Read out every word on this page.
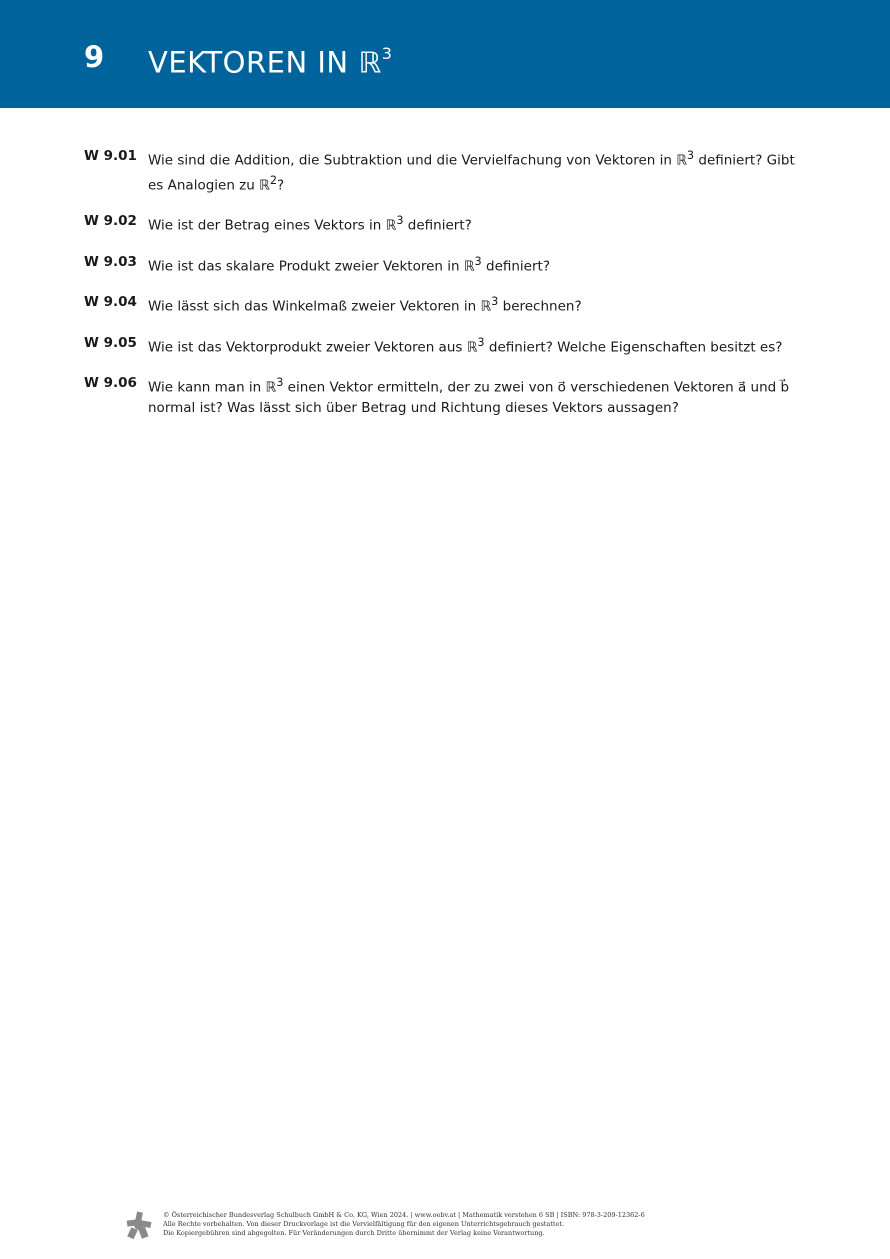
9 VEKTOREN IN ℝ$^3$
W 9.01 Wie sind die Addition, die Subtraktion und die Vervielfachung von Vektoren in ℝ$^3$ definiert? Gibt es Analogien zu ℝ$^2$?
W 9.02 Wie ist der Betrag eines Vektors in ℝ$^3$ definiert?
W 9.03 Wie ist das skalare Produkt zweier Vektoren in ℝ$^3$ definiert?
W 9.04 Wie lässt sich das Winkelmaß zweier Vektoren in ℝ$^3$ berechnen?
W 9.05 Wie ist das Vektorprodukt zweier Vektoren aus ℝ$^3$ definiert? Welche Eigenschaften besitzt es?
W 9.06 Wie kann man in ℝ$^3$ einen Vektor ermitteln, der zu zwei von o⃗ verschiedenen Vektoren a⃗ und b⃗ normal ist? Was lässt sich über Betrag und Richtung dieses Vektors aussagen?
© Österreichischer Bundesverlag Schulbuch GmbH & Co. KG, Wien 2024. | www.oebv.at | Mathematik verstehen 6 SB | ISBN: 978-3-209-12362-6
Alle Rechte vorbehalten. Von dieser Druckvorlage ist die Vervielfältigung für den eigenen Unterrichtsgebrauch gestattet.
Die Kopiergebühren sind abgegolten. Für Veränderungen durch Dritte übernimmt der Verlag keine Verantwortung.
